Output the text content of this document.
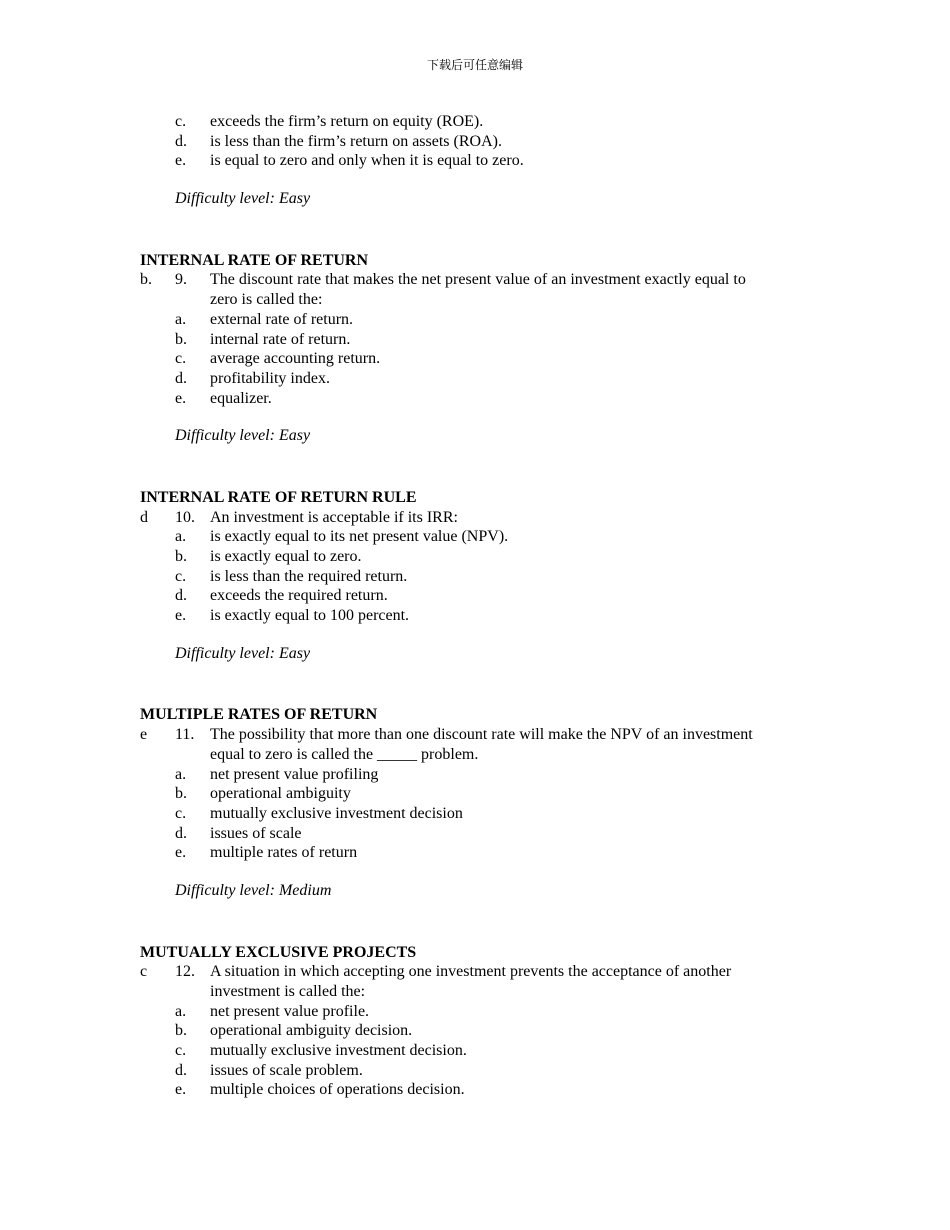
下载后可任意编辑
c. exceeds the firm’s return on equity (ROE).
d. is less than the firm’s return on assets (ROA).
e. is equal to zero and only when it is equal to zero.
Difficulty level: Easy
INTERNAL RATE OF RETURN
b. 9. The discount rate that makes the net present value of an investment exactly equal to
zero is called the:
a. external rate of return.
b. internal rate of return.
c. average accounting return.
d. profitability index.
e. equalizer.
Difficulty level: Easy
INTERNAL RATE OF RETURN RULE
d 10. An investment is acceptable if its IRR:
a. is exactly equal to its net present value (NPV).
b. is exactly equal to zero.
c. is less than the required return.
d. exceeds the required return.
e. is exactly equal to 100 percent.
Difficulty level: Easy
MULTIPLE RATES OF RETURN
e 11. The possibility that more than one discount rate will make the NPV of an investment
equal to zero is called the _____ problem.
a. net present value profiling
b. operational ambiguity
c. mutually exclusive investment decision
d. issues of scale
e. multiple rates of return
Difficulty level: Medium
MUTUALLY EXCLUSIVE PROJECTS
c 12. A situation in which accepting one investment prevents the acceptance of another
investment is called the:
a. net present value profile.
b. operational ambiguity decision.
c. mutually exclusive investment decision.
d. issues of scale problem.
e. multiple choices of operations decision.
